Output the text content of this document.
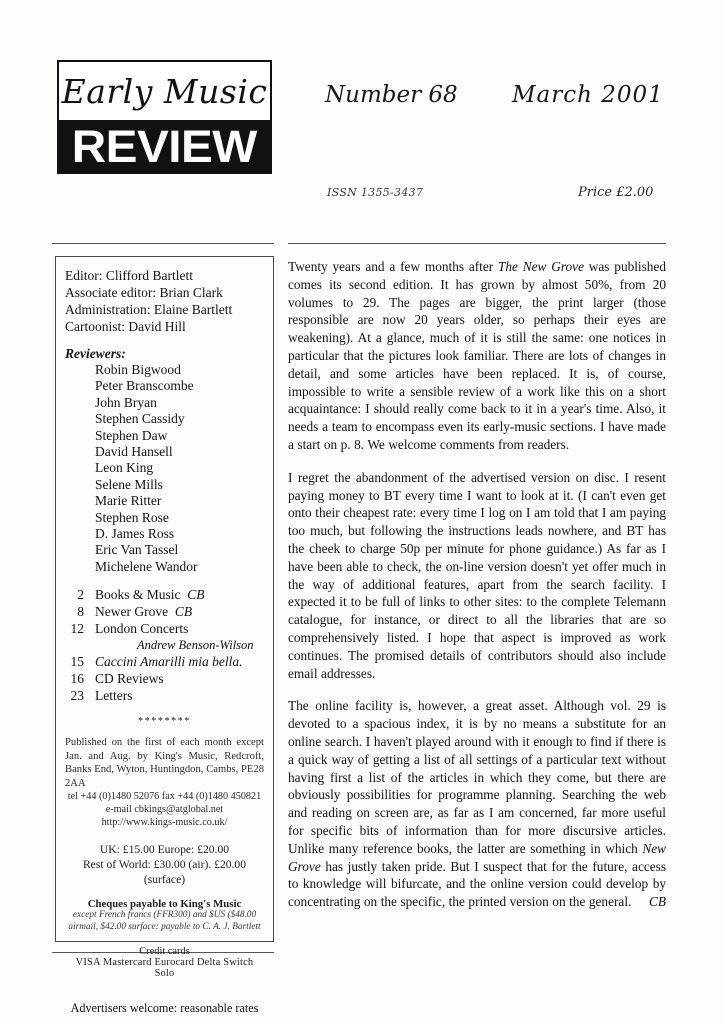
Early Music
REVIEW
Number 68 March 2001
ISSN 1355-3437	Price £2.00
Editor: Clifford Bartlett
Associate editor: Brian Clark
Administration: Elaine Bartlett
Cartoonist: David Hill
Reviewers:
Robin Bigwood
Peter Branscombe
John Bryan
Stephen Cassidy
Stephen Daw
David Hansell
Leon King
Selene Mills
Marie Ritter
Stephen Rose
D. James Ross
Eric Van Tassel
Michelene Wandor
2 Books & Music CB
8 Newer Grove CB
12 London Concerts
Andrew Benson-Wilson
15 Caccini Amarilli mia bella.
16 CD Reviews
23 Letters
********
Published on the first of each month except Jan. and Aug. by King's Music, Redcroft, Banks End, Wyton, Huntingdon, Cambs, PE28 2AA
tel +44 (0)1480 52076 fax +44 (0)1480 450821
e-mail cbkings@atglobal.net
http://www.kings-music.co.uk/
UK: £15.00 Europe: £20.00
Rest of World: £30.00 (air). £20.00 (surface)
Cheques payable to King's Music
except French francs (FFR300) and $US ($48.00
airmail, $42.00 surface: payable to C. A. J. Bartlett
Credit cards
VISA Mastercard Eurocard Delta Switch Solo
Advertisers welcome: reasonable rates

Twenty years and a few months after The New Grove was published comes its second edition. It has grown by almost 50%, from 20 volumes to 29. The pages are bigger, the print larger (those responsible are now 20 years older, so perhaps their eyes are weakening). At a glance, much of it is still the same: one notices in particular that the pictures look familiar. There are lots of changes in detail, and some articles have been replaced. It is, of course, impossible to write a sensible review of a work like this on a short acquaintance: I should really come back to it in a year's time. Also, it needs a team to encompass even its early-music sections. I have made a start on p. 8. We welcome comments from readers.

I regret the abandonment of the advertised version on disc. I resent paying money to BT every time I want to look at it. (I can't even get onto their cheapest rate: every time I log on I am told that I am paying too much, but following the instructions leads nowhere, and BT has the cheek to charge 50p per minute for phone guidance.) As far as I have been able to check, the on-line version doesn't yet offer much in the way of additional features, apart from the search facility. I expected it to be full of links to other sites: to the complete Telemann catalogue, for instance, or direct to all the libraries that are so comprehensively listed. I hope that aspect is improved as work continues. The promised details of contributors should also include email addresses.

The online facility is, however, a great asset. Although vol. 29 is devoted to a spacious index, it is by no means a substitute for an online search. I haven't played around with it enough to find if there is a quick way of getting a list of all settings of a particular text without having first a list of the articles in which they come, but there are obviously possibilities for programme planning. Searching the web and reading on screen are, as far as I am concerned, far more useful for specific bits of information than for more discursive articles. Unlike many reference books, the latter are something in which New Grove has justly taken pride. But I suspect that for the future, access to knowledge will bifurcate, and the online version could develop by concentrating on the specific, the printed version on the general. CB
